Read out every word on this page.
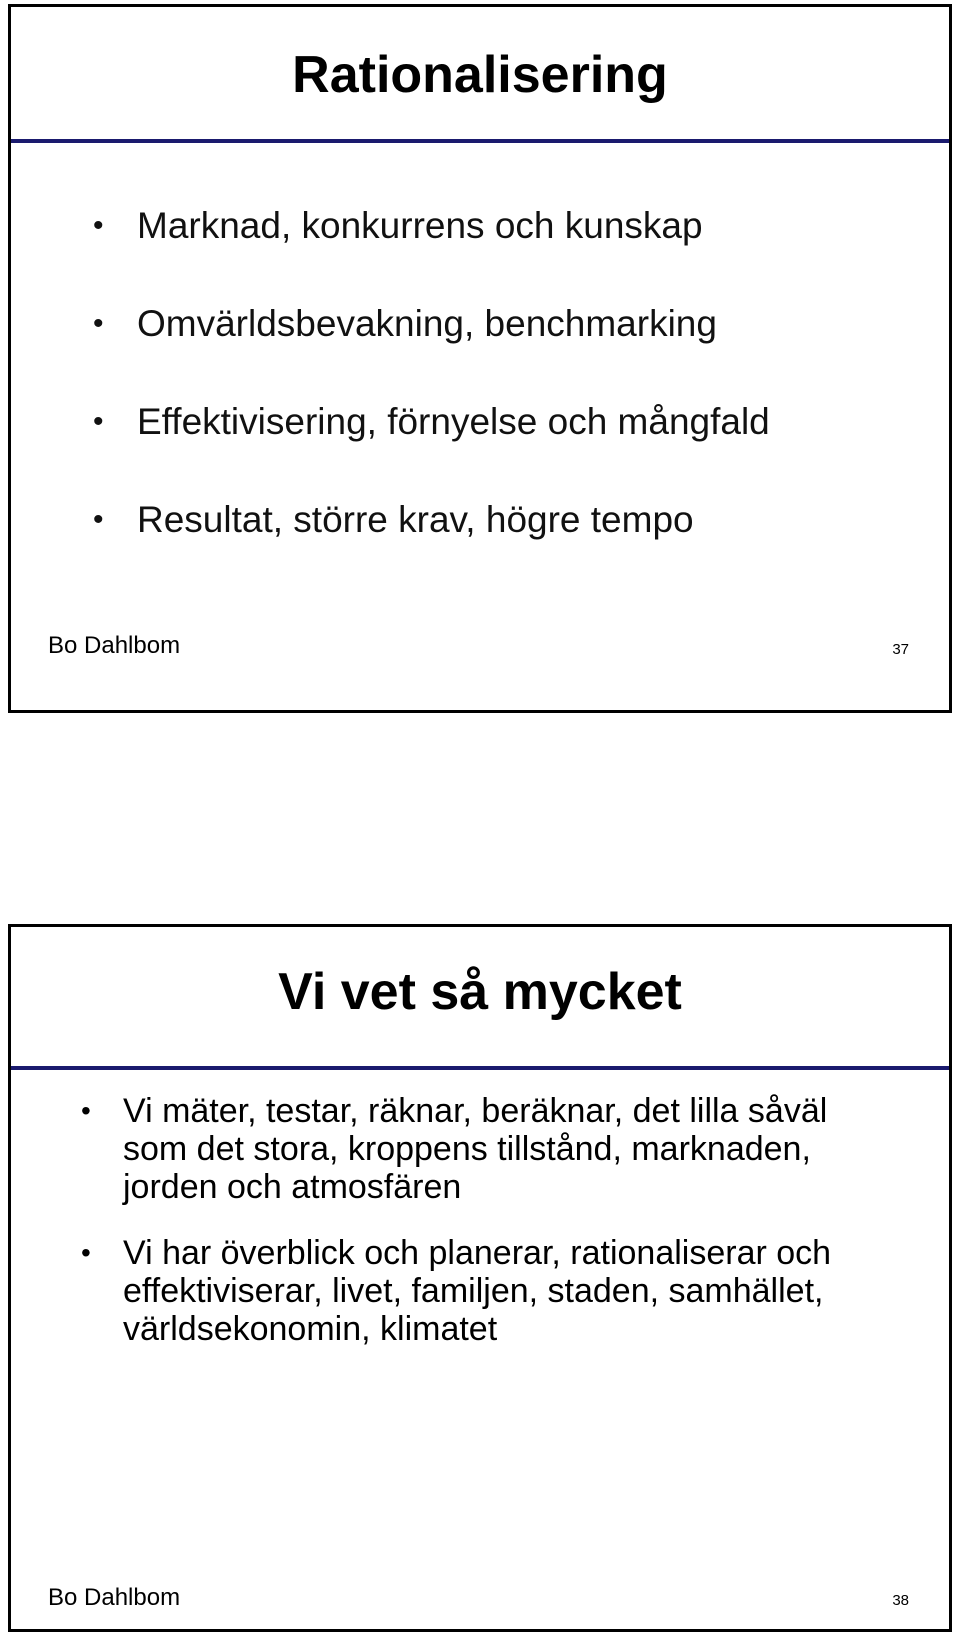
Rationalisering
• Marknad, konkurrens och kunskap
• Omvärldsbevakning, benchmarking
• Effektivisering, förnyelse och mångfald
• Resultat, större krav, högre tempo
Bo Dahlbom	37
Vi vet så mycket
• Vi mäter, testar, räknar, beräknar, det lilla såväl
som det stora, kroppens tillstånd, marknaden,
jorden och atmosfären
• Vi har överblick och planerar, rationaliserar och
effektiviserar, livet, familjen, staden, samhället,
världsekonomin, klimatet
Bo Dahlbom	38
